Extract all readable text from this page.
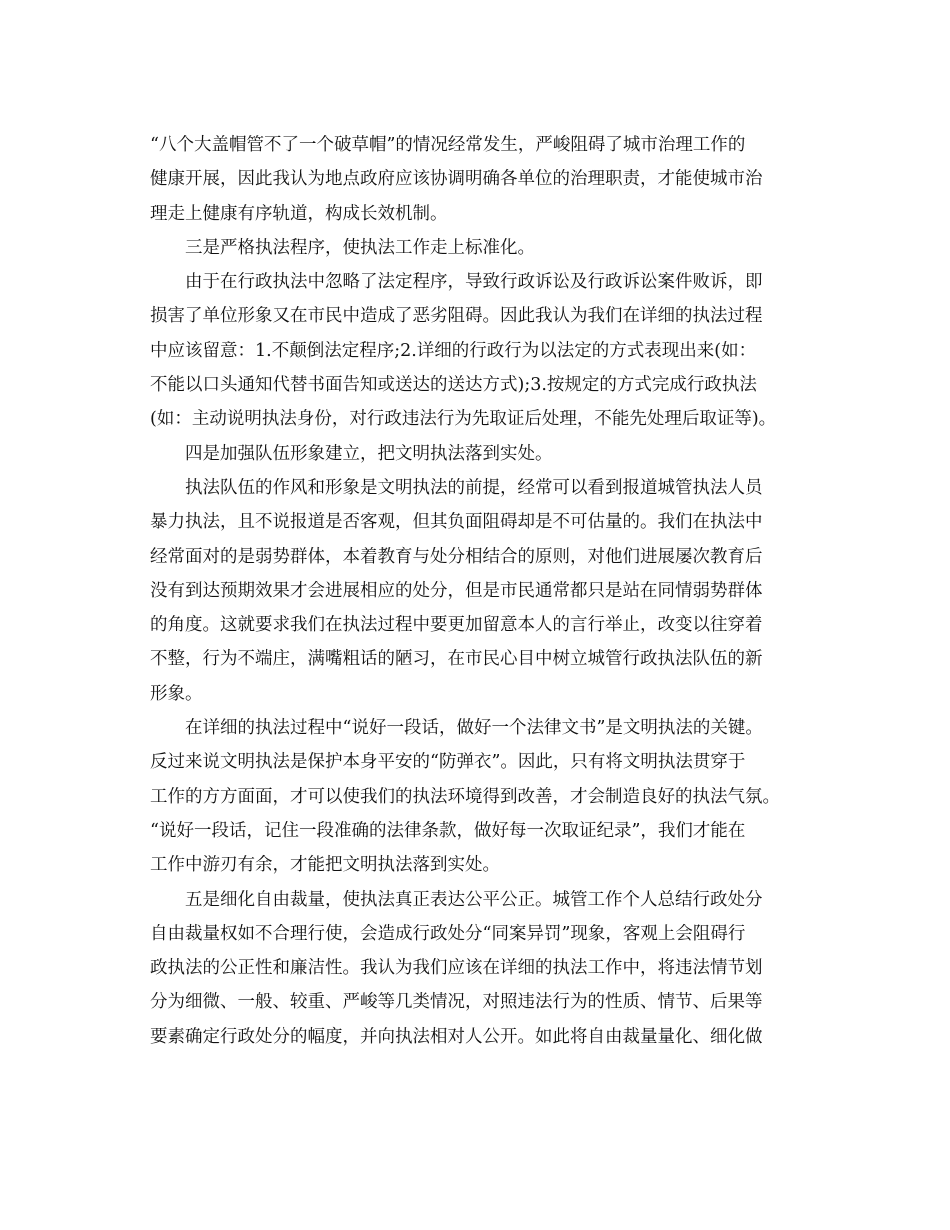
“八个大盖帽管不了一个破草帽”的情况经常发生，严峻阻碍了城市治理工作的
健康开展，因此我认为地点政府应该协调明确各单位的治理职责，才能使城市治
理走上健康有序轨道，构成长效机制。
三是严格执法程序，使执法工作走上标准化。
由于在行政执法中忽略了法定程序，导致行政诉讼及行政诉讼案件败诉，即
损害了单位形象又在市民中造成了恶劣阻碍。因此我认为我们在详细的执法过程
中应该留意：1.不颠倒法定程序;2.详细的行政行为以法定的方式表现出来(如：
不能以口头通知代替书面告知或送达的送达方式);3.按规定的方式完成行政执法
(如：主动说明执法身份，对行政违法行为先取证后处理，不能先处理后取证等)。
四是加强队伍形象建立，把文明执法落到实处。
执法队伍的作风和形象是文明执法的前提，经常可以看到报道城管执法人员
暴力执法，且不说报道是否客观，但其负面阻碍却是不可估量的。我们在执法中
经常面对的是弱势群体，本着教育与处分相结合的原则，对他们进展屡次教育后
没有到达预期效果才会进展相应的处分，但是市民通常都只是站在同情弱势群体
的角度。这就要求我们在执法过程中要更加留意本人的言行举止，改变以往穿着
不整，行为不端庄，满嘴粗话的陋习，在市民心目中树立城管行政执法队伍的新
形象。
在详细的执法过程中“说好一段话，做好一个法律文书”是文明执法的关键。
反过来说文明执法是保护本身平安的“防弹衣”。因此，只有将文明执法贯穿于
工作的方方面面，才可以使我们的执法环境得到改善，才会制造良好的执法气氛。
“说好一段话，记住一段准确的法律条款，做好每一次取证纪录”，我们才能在
工作中游刃有余，才能把文明执法落到实处。
五是细化自由裁量，使执法真正表达公平公正。城管工作个人总结行政处分
自由裁量权如不合理行使，会造成行政处分“同案异罚”现象，客观上会阻碍行
政执法的公正性和廉洁性。我认为我们应该在详细的执法工作中，将违法情节划
分为细微、一般、较重、严峻等几类情况，对照违法行为的性质、情节、后果等
要素确定行政处分的幅度，并向执法相对人公开。如此将自由裁量量化、细化做
